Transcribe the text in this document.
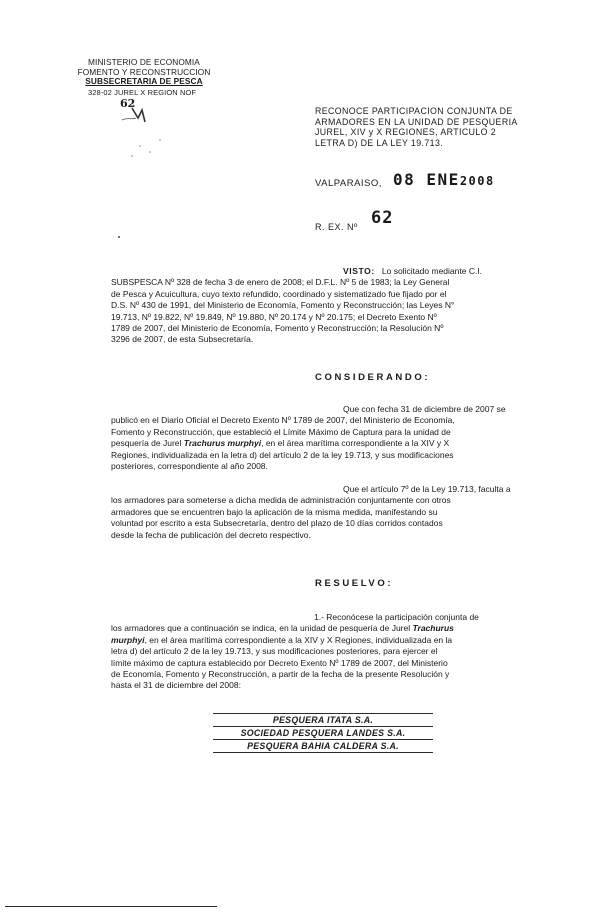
MINISTERIO DE ECONOMIA
FOMENTO Y RECONSTRUCCION
SUBSECRETARIA DE PESCA
328-02 JUREL X REGION NOF
62
RECONOCE PARTICIPACION CONJUNTA DE
ARMADORES EN LA UNIDAD DE PESQUERIA
JUREL, XIV y X REGIONES, ARTICULO 2
LETRA D) DE LA LEY 19.713.
VALPARAISO, 08 ENE2008
R. EX. Nº 62
VISTO: Lo solicitado mediante C.I.
SUBSPESCA Nº 328 de fecha 3 de enero de 2008; el D.F.L. Nº 5 de 1983; la Ley General
de Pesca y Acuicultura, cuyo texto refundido, coordinado y sistematizado fue fijado por el
D.S. Nº 430 de 1991, del Ministerio de Economía, Fomento y Reconstrucción; las Leyes N°
19.713, Nº 19.822, Nº 19.849, Nº 19.880, Nº 20.174 y Nº 20.175; el Decreto Exento Nº
1789 de 2007, del Ministerio de Economía, Fomento y Reconstrucción; la Resolución Nº
3296 de 2007, de esta Subsecretaría.
CONSIDERANDO:
Que con fecha 31 de diciembre de 2007 se
publicó en el Diario Oficial el Decreto Exento Nº 1789 de 2007, del Ministerio de Economía,
Fomento y Reconstrucción, que estableció el Límite Máximo de Captura para la unidad de
pesquería de Jurel Trachurus murphyi, en el área marítima correspondiente a la XIV y X
Regiones, individualizada en la letra d) del artículo 2 de la ley 19.713, y sus modificaciones
posteriores, correspondiente al año 2008.
Que el artículo 7º de la Ley 19.713, faculta a
los armadores para someterse a dicha medida de administración conjuntamente con otros
armadores que se encuentren bajo la aplicación de la misma medida, manifestando su
voluntad por escrito a esta Subsecretaría, dentro del plazo de 10 días corridos contados
desde la fecha de publicación del decreto respectivo.
RESUELVO:
1.- Reconócese la participación conjunta de
los armadores que a continuación se indica, en la unidad de pesquería de Jurel Trachurus
murphyi, en el área marítima correspondiente a la XIV y X Regiones, individualizada en la
letra d) del artículo 2 de la ley 19.713, y sus modificaciones posteriores, para ejercer el
límite máximo de captura establecido por Decreto Exento Nº 1789 de 2007, del Ministerio
de Economía, Fomento y Reconstrucción, a partir de la fecha de la presente Resolución y
hasta el 31 de diciembre del 2008:
PESQUERA ITATA S.A.
SOCIEDAD PESQUERA LANDES S.A.
PESQUERA BAHIA CALDERA S.A.
